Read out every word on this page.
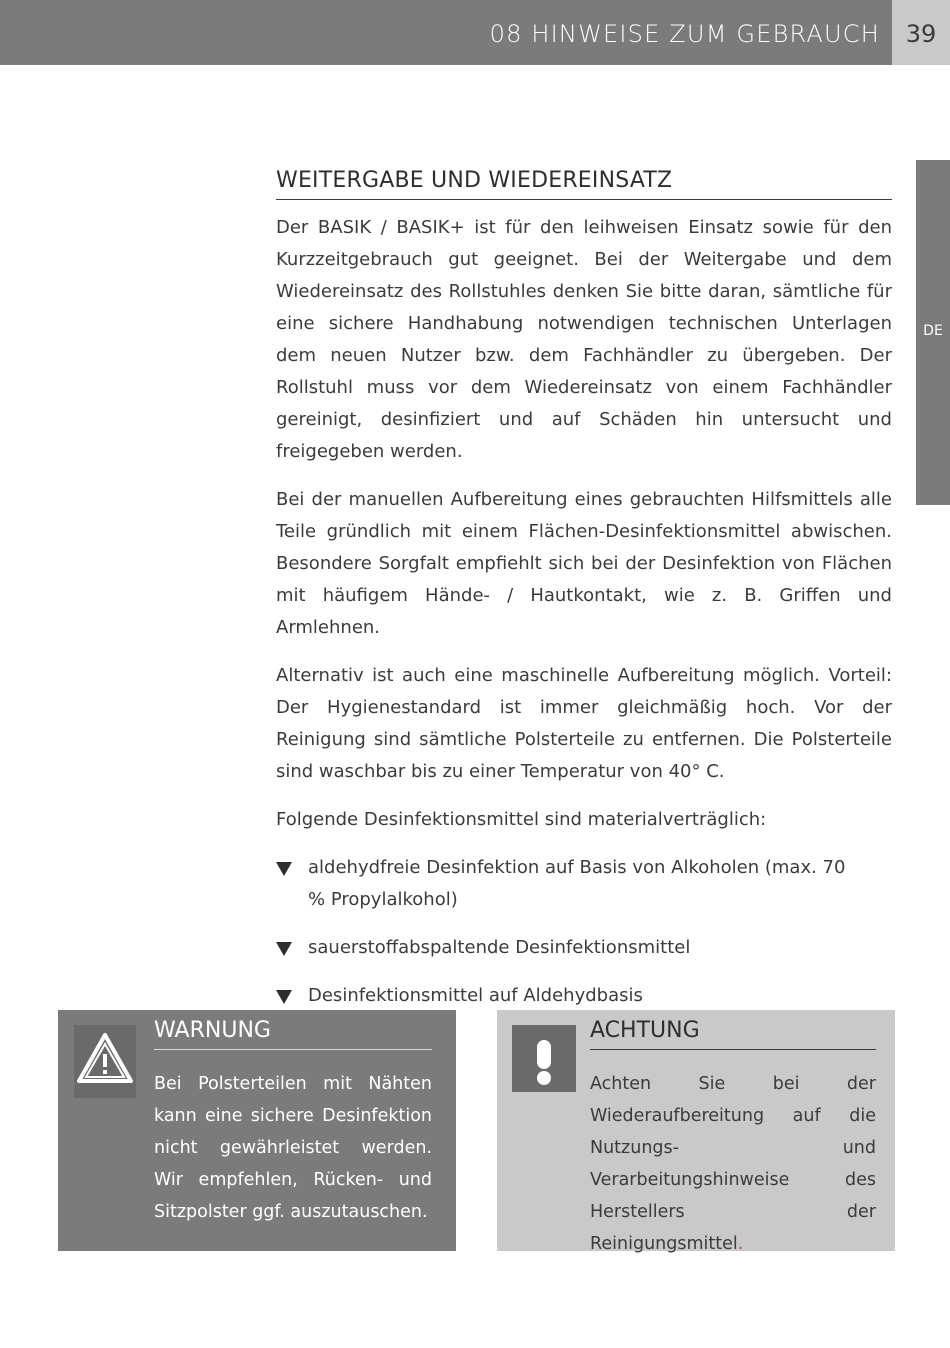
08 HINWEISE ZUM GEBRAUCH	39
DE
WEITERGABE UND WIEDEREINSATZ

Der BASIK / BASIK+ ist für den leihweisen Einsatz sowie für den Kurzzeitgebrauch gut geeignet. Bei der Weitergabe und dem Wiedereinsatz des Rollstuhles denken Sie bitte daran, sämtliche für eine sichere Handhabung notwendigen technischen Unterlagen dem neuen Nutzer bzw. dem Fachhändler zu übergeben. Der Rollstuhl muss vor dem Wiedereinsatz von einem Fachhändler gereinigt, desinfiziert und auf Schäden hin untersucht und freigegeben werden.

Bei der manuellen Aufbereitung eines gebrauchten Hilfsmittels alle Teile gründlich mit einem Flächen-Desinfektionsmittel abwischen. Besondere Sorgfalt empfiehlt sich bei der Desinfektion von Flächen mit häufigem Hände- / Hautkontakt, wie z. B. Griffen und Armlehnen.

Alternativ ist auch eine maschinelle Aufbereitung möglich. Vorteil: Der Hygienestandard ist immer gleichmäßig hoch. Vor der Reinigung sind sämtliche Polsterteile zu entfernen. Die Polsterteile sind waschbar bis zu einer Temperatur von 40° C.

Folgende Desinfektionsmittel sind materialverträglich:

aldehydfreie Desinfektion auf Basis von Alkoholen (max. 70 % Propylalkohol)
sauerstoffabspaltende Desinfektionsmittel
Desinfektionsmittel auf Aldehydbasis
WARNUNG

Bei Polsterteilen mit Nähten kann eine sichere Desinfektion nicht gewährleistet werden. Wir empfehlen, Rücken- und Sitzpolster ggf. auszutauschen.

ACHTUNG

Achten Sie bei der Wiederaufbereitung auf die Nutzungs- und Verarbeitungshinweise des Herstellers der Reinigungsmittel.
